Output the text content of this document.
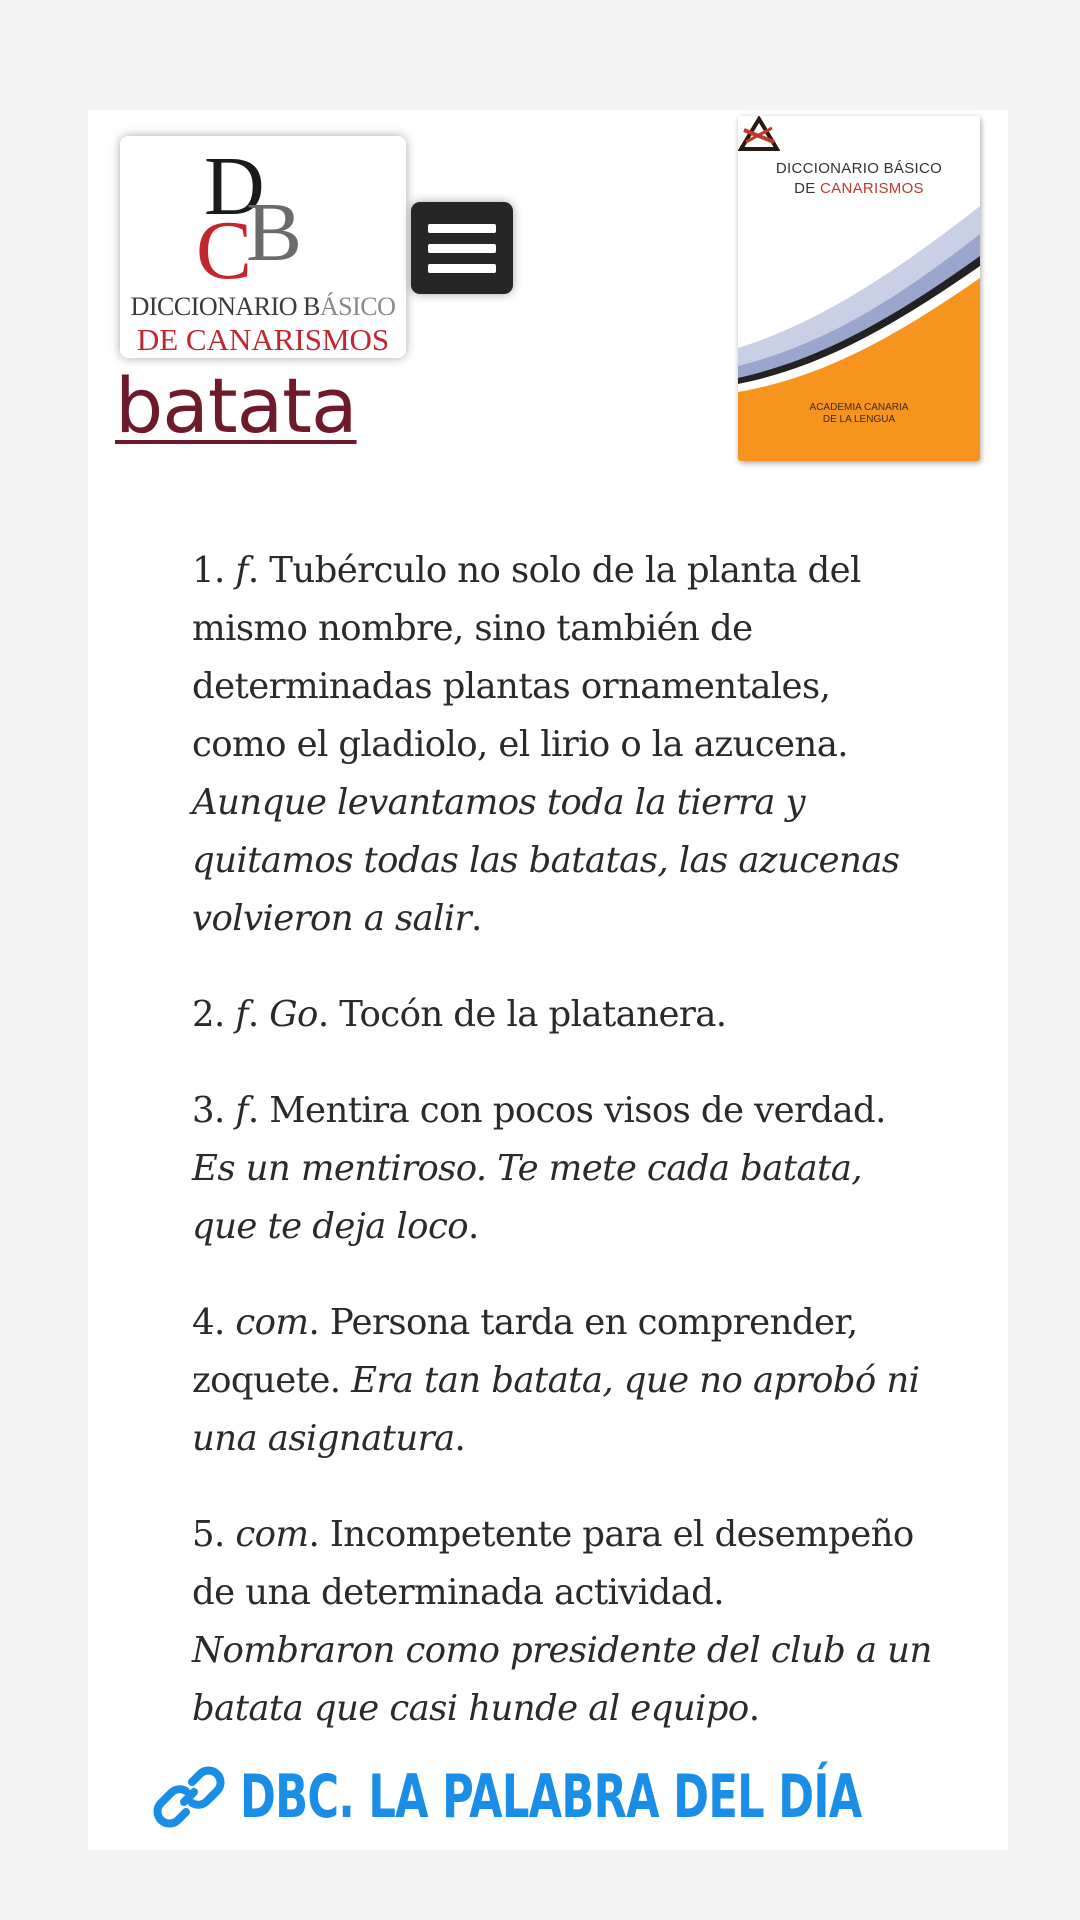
D
C
B
DICCIONARIO BÁSICO
DE CANARISMOS
batata
DICCIONARIO BÁSICO
DE CANARISMOS
ACADEMIA CANARIA
DE LA LENGUA

1. f. Tubérculo no solo de la planta del mismo nombre, sino también de determinadas plantas ornamentales, como el gladiolo, el lirio o la azucena. Aunque levantamos toda la tierra y quitamos todas las batatas, las azucenas volvieron a salir.

2. f. Go. Tocón de la platanera.

3. f. Mentira con pocos visos de verdad. Es un mentiroso. Te mete cada batata, que te deja loco.

4. com. Persona tarda en comprender, zoquete. Era tan batata, que no aprobó ni una asignatura.

5. com. Incompetente para el desempeño de una determinada actividad. Nombraron como presidente del club a un batata que casi hunde al equipo.

DBC. LA PALABRA DEL DÍA
